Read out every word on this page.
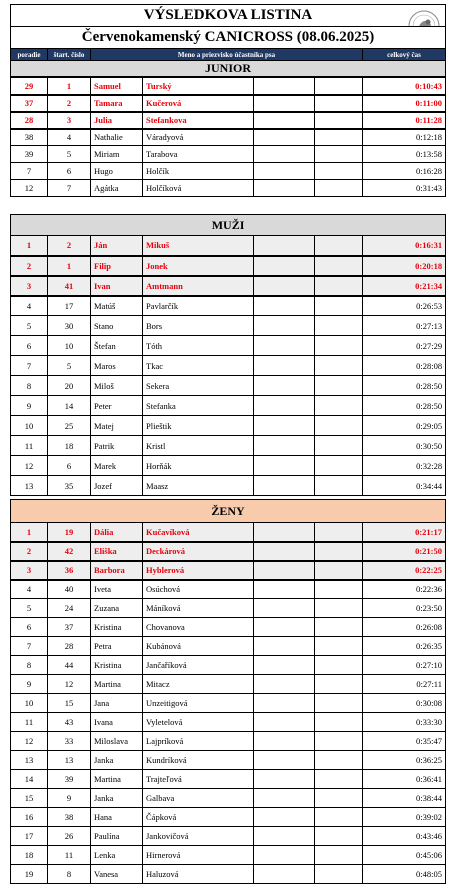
VÝSLEDKOVA LISTINA

Červenokamenský CANICROSS (08.06.2025)
poradie	štart. číslo	Meno a priezvisko účastníka psa	celkový čas
JUNIOR
29	1	Samuel	Turský			0:10:43
37	2	Tamara	Kučerová			0:11:00
28	3	Julia	Stefankova			0:11:28
38	4	Nathalie	Váradyová			0:12:18
39	5	Miriam	Tarabova			0:13:58
7	6	Hugo	Holčík			0:16:28
12	7	Agátka	Holčíková			0:31:43
MUŽI						
1	2	Ján	Mikuš			0:16:31
2	1	Filip	Jonek			0:20:18
3	41	Ivan	Amtmann			0:21:34
4	17	Matúš	Pavlarčík			0:26:53
5	30	Stano	Bors			0:27:13
6	10	Štefan	Tóth			0:27:29
7	5	Maros	Tkac			0:28:08
8	20	Miloš	Sekera			0:28:50
9	14	Peter	Stefanka			0:28:50
10	25	Matej	Plieštik			0:29:05
11	18	Patrik	Kristl			0:30:50
12	6	Marek	Horňák			0:32:28
13	35	Jozef	Maasz			0:34:44
ŽENY						
1	19	Dália	Kučavíková			0:21:17
2	42	Eliška	Deckárová			0:21:50
3	36	Barbora	Hyblerová			0:22:25
4	40	Iveta	Osúchová			0:22:36
5	24	Zuzana	Máníková			0:23:50
6	37	Kristina	Chovanova			0:26:08
7	28	Petra	Kubánová			0:26:35
8	44	Kristina	Jančaříková			0:27:10
9	12	Martina	Mitacz			0:27:11
10	15	Jana	Unzeitigová			0:30:08
11	43	Ivana	Vyletelová			0:33:30
12	33	Miloslava	Lajpríková			0:35:47
13	13	Janka	Kundríková			0:36:25
14	39	Martina	Trajteľová			0:36:41
15	9	Janka	Galbava			0:38:44
16	38	Hana	Čápková			0:39:02
17	26	Paulína	Jankovičová			0:43:46
18	11	Lenka	Hirnerová			0:45:06
19	8	Vanesa	Haluzová			0:48:05
